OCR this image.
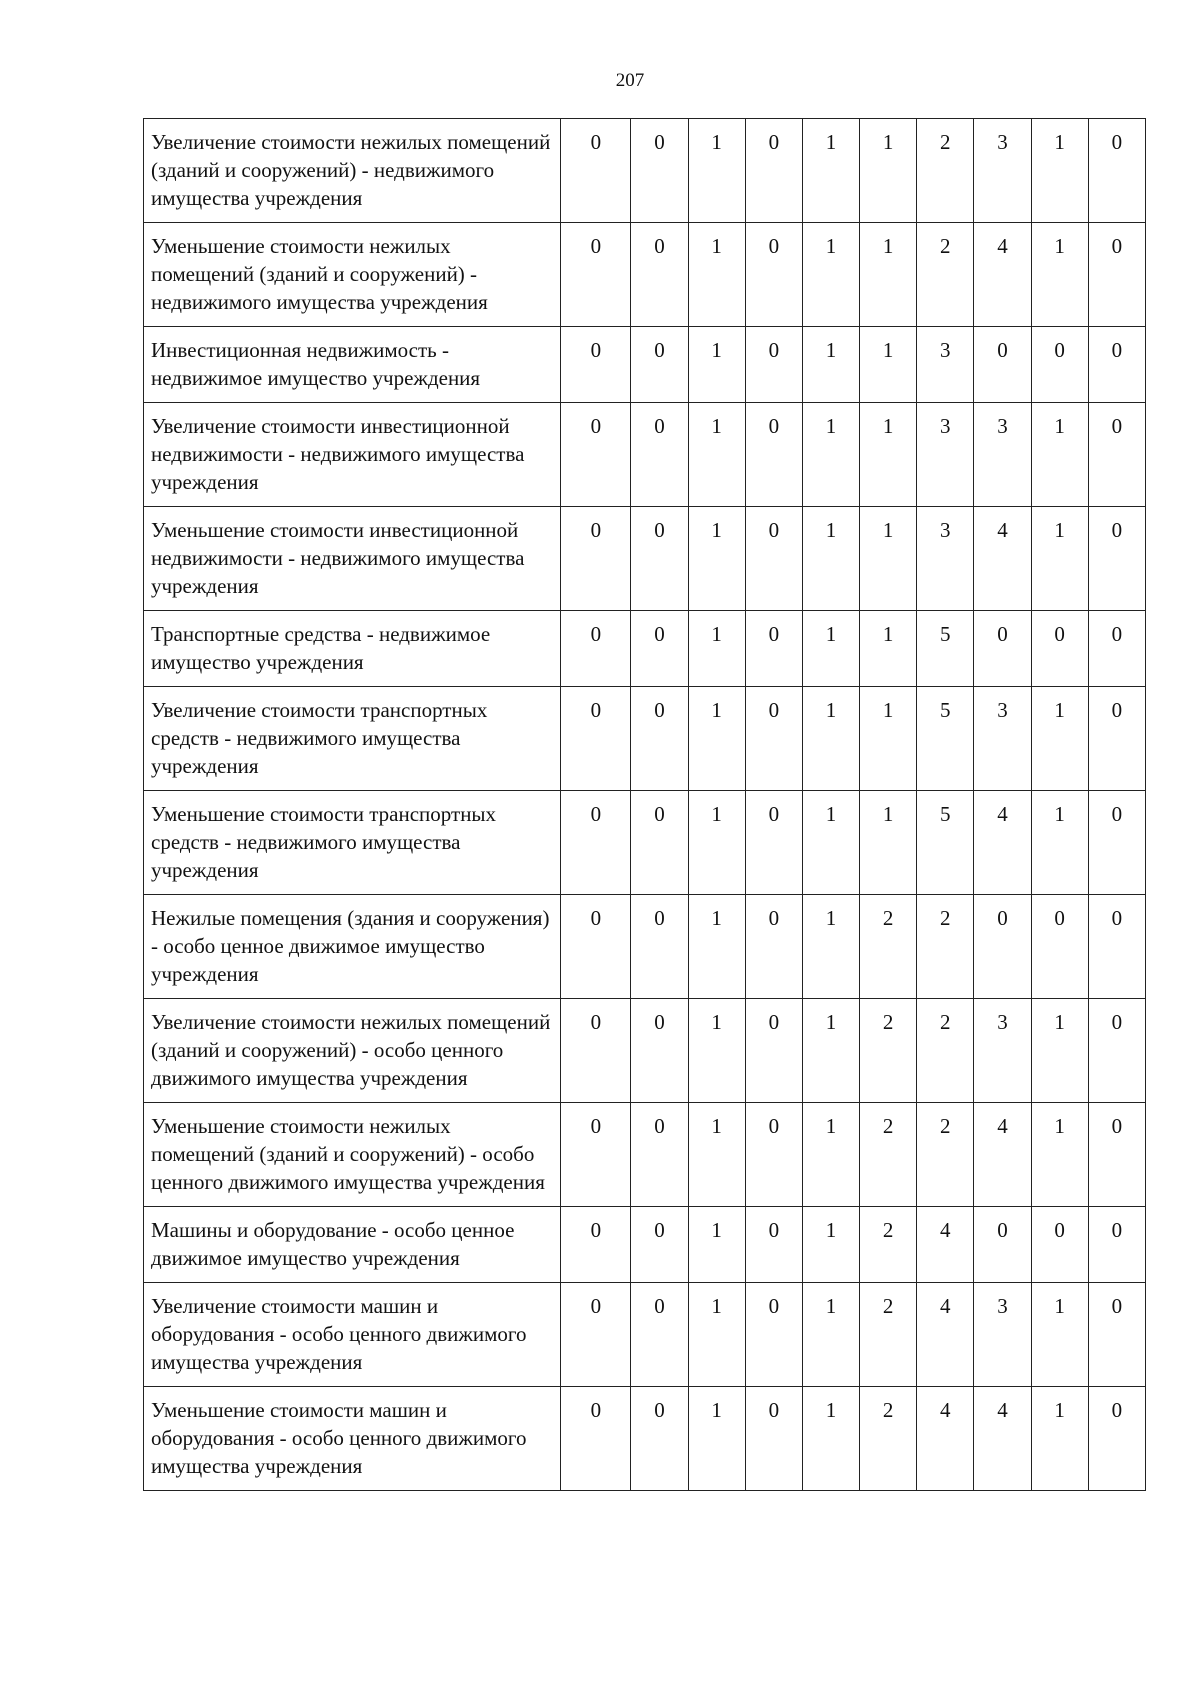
207
Увеличение стоимости нежилых помещений (зданий и сооружений) - недвижимого имущества учреждения	0	0	1	0	1	1	2	3	1	0
Уменьшение стоимости нежилых помещений (зданий и сооружений) - недвижимого имущества учреждения	0	0	1	0	1	1	2	4	1	0
Инвестиционная недвижимость - недвижимое имущество учреждения	0	0	1	0	1	1	3	0	0	0
Увеличение стоимости инвестиционной недвижимости - недвижимого имущества учреждения	0	0	1	0	1	1	3	3	1	0
Уменьшение стоимости инвестиционной недвижимости - недвижимого имущества учреждения	0	0	1	0	1	1	3	4	1	0
Транспортные средства - недвижимое имущество учреждения	0	0	1	0	1	1	5	0	0	0
Увеличение стоимости транспортных средств - недвижимого имущества учреждения	0	0	1	0	1	1	5	3	1	0
Уменьшение стоимости транспортных средств - недвижимого имущества учреждения	0	0	1	0	1	1	5	4	1	0
Нежилые помещения (здания и сооружения) - особо ценное движимое имущество учреждения	0	0	1	0	1	2	2	0	0	0
Увеличение стоимости нежилых помещений (зданий и сооружений) - особо ценного движимого имущества учреждения	0	0	1	0	1	2	2	3	1	0
Уменьшение стоимости нежилых помещений (зданий и сооружений) - особо ценного движимого имущества учреждения	0	0	1	0	1	2	2	4	1	0
Машины и оборудование - особо ценное движимое имущество учреждения	0	0	1	0	1	2	4	0	0	0
Увеличение стоимости машин и оборудования - особо ценного движимого имущества учреждения	0	0	1	0	1	2	4	3	1	0
Уменьшение стоимости машин и оборудования - особо ценного движимого имущества учреждения	0	0	1	0	1	2	4	4	1	0
